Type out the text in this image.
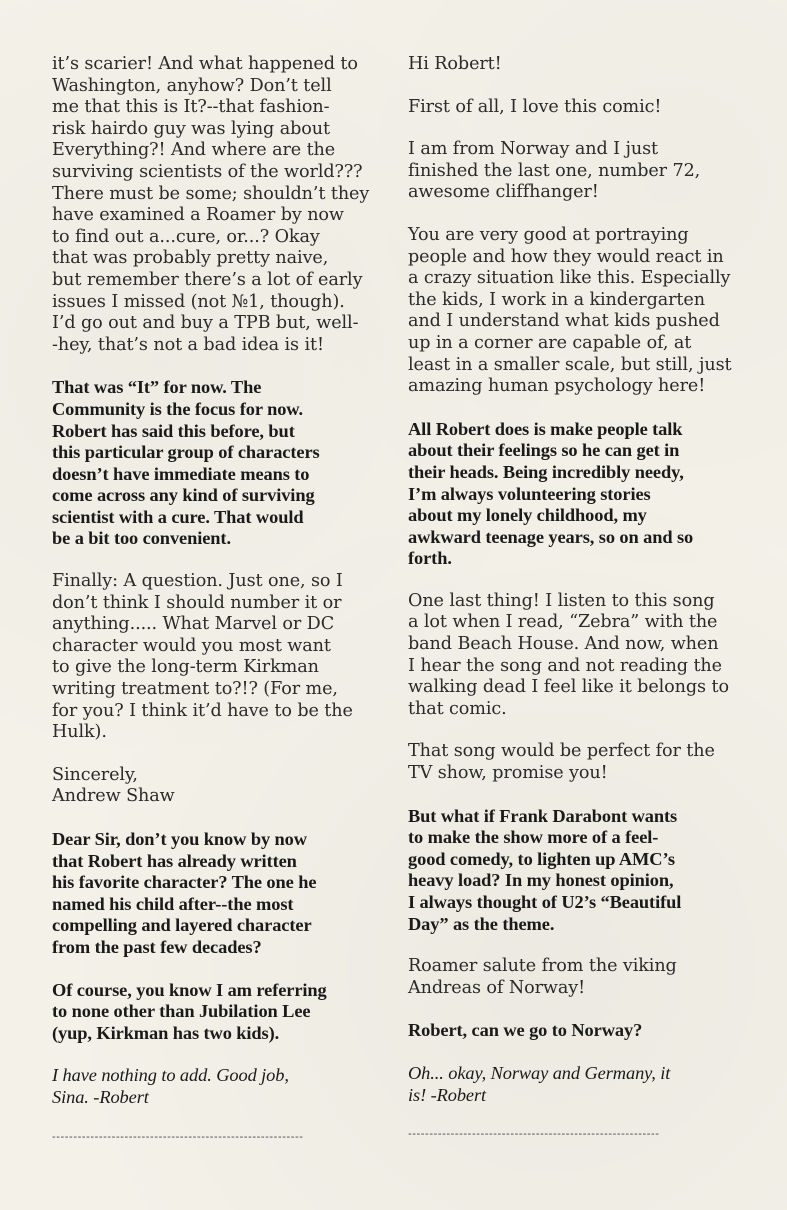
it’s scarier! And what happened to
Washington, anyhow? Don’t tell
me that this is It?--that fashion-
risk hairdo guy was lying about
Everything?! And where are the
surviving scientists of the world???
There must be some; shouldn’t they
have examined a Roamer by now
to find out a...cure, or...? Okay
that was probably pretty naive,
but remember there’s a lot of early
issues I missed (not №1, though).
I’d go out and buy a TPB but, well-
-hey, that’s not a bad idea is it!
That was “It” for now. The
Community is the focus for now.
Robert has said this before, but
this particular group of characters
doesn’t have immediate means to
come across any kind of surviving
scientist with a cure. That would
be a bit too convenient.
Finally: A question. Just one, so I
don’t think I should number it or
anything..... What Marvel or DC
character would you most want
to give the long-term Kirkman
writing treatment to?!? (For me,
for you? I think it’d have to be the
Hulk).
Sincerely,
Andrew Shaw
Dear Sir, don’t you know by now
that Robert has already written
his favorite character? The one he
named his child after--the most
compelling and layered character
from the past few decades?
Of course, you know I am referring
to none other than Jubilation Lee
(yup, Kirkman has two kids).
I have nothing to add. Good job,
Sina. -Robert
-----------------------------------------------------------
Hi Robert!
First of all, I love this comic!
I am from Norway and I just
finished the last one, number 72,
awesome cliffhanger!
You are very good at portraying
people and how they would react in
a crazy situation like this. Especially
the kids, I work in a kindergarten
and I understand what kids pushed
up in a corner are capable of, at
least in a smaller scale, but still, just
amazing human psychology here!
All Robert does is make people talk
about their feelings so he can get in
their heads. Being incredibly needy,
I’m always volunteering stories
about my lonely childhood, my
awkward teenage years, so on and so
forth.
One last thing! I listen to this song
a lot when I read, “Zebra” with the
band Beach House. And now, when
I hear the song and not reading the
walking dead I feel like it belongs to
that comic.
That song would be perfect for the
TV show, promise you!
But what if Frank Darabont wants
to make the show more of a feel-
good comedy, to lighten up AMC’s
heavy load? In my honest opinion,
I always thought of U2’s “Beautiful
Day” as the theme.
Roamer salute from the viking
Andreas of Norway!
Robert, can we go to Norway?
Oh... okay, Norway and Germany, it
is! -Robert
-----------------------------------------------------------
